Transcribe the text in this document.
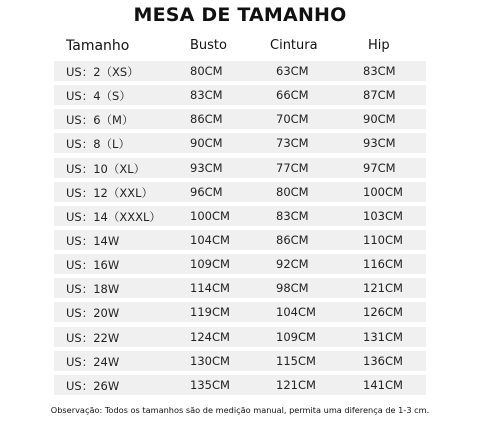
MESA DE TAMANHO
Tamanho	Busto	Cintura	Hip
US：2（XS）	80CM	63CM	83CM
US：4（S）	83CM	66CM	87CM
US：6（M）	86CM	70CM	90CM
US：8（L）	90CM	73CM	93CM
US：10（XL）	93CM	77CM	97CM
US：12（XXL）	96CM	80CM	100CM
US：14（XXXL）	100CM	83CM	103CM
US：14W	104CM	86CM	110CM
US：16W	109CM	92CM	116CM
US：18W	114CM	98CM	121CM
US：20W	119CM	104CM	126CM
US：22W	124CM	109CM	131CM
US：24W	130CM	115CM	136CM
US：26W	135CM	121CM	141CM
Observação: Todos os tamanhos são de medição manual, permita uma diferença de 1-3 cm.
